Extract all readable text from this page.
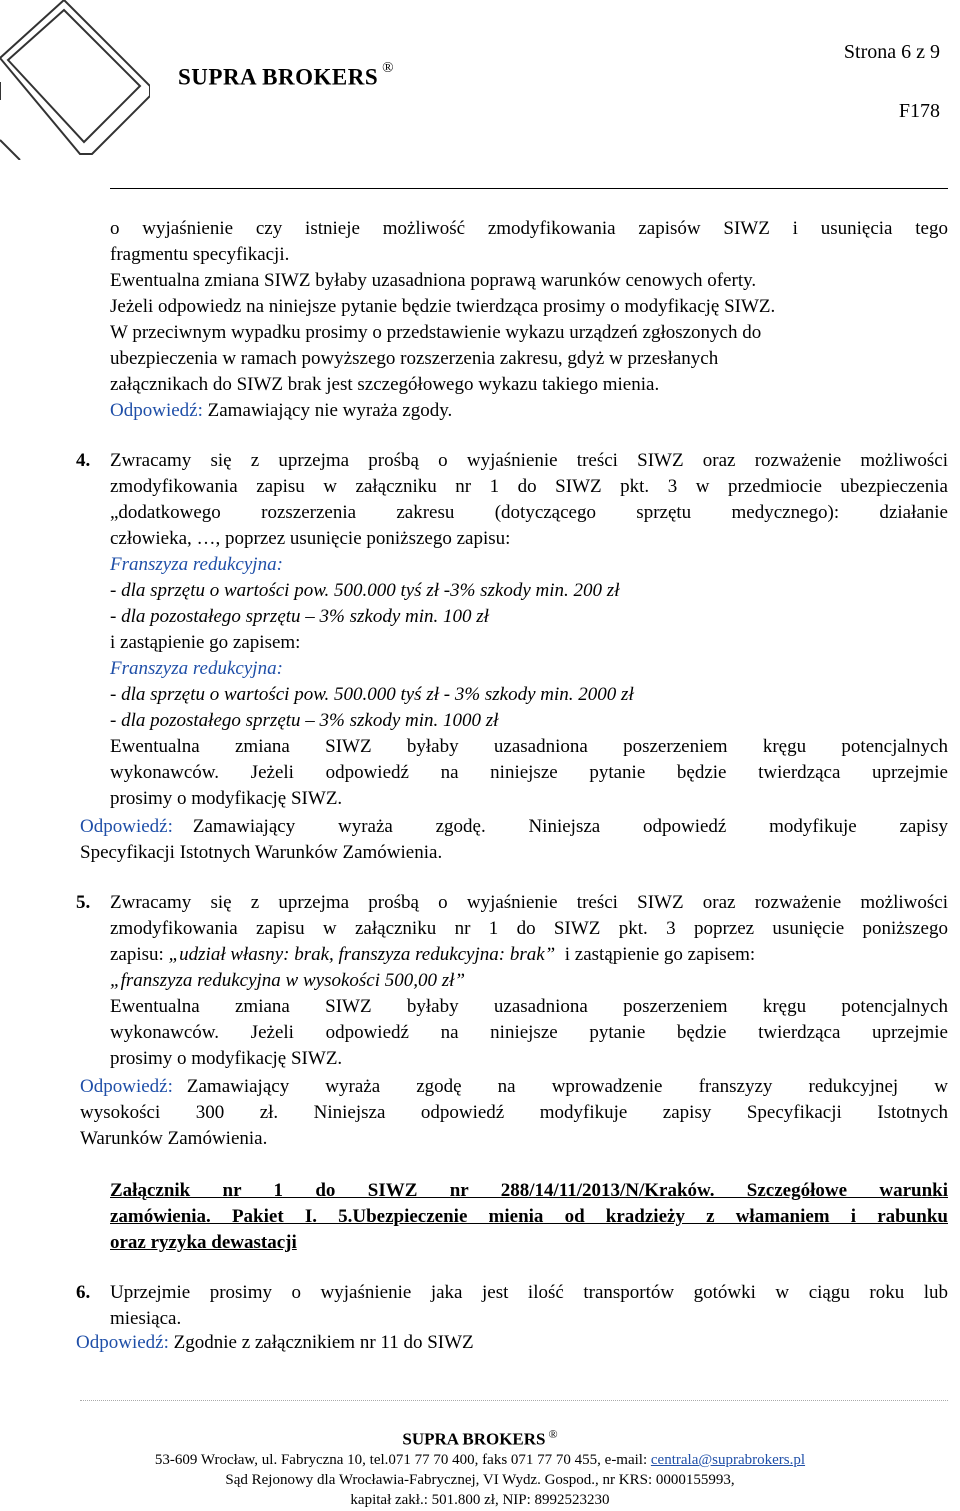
Strona 6 z 9
SUPRA BROKERS ®
F178
o wyjaśnienie czy istnieje możliwość zmodyfikowania zapisów SIWZ i usunięcia tego
fragmentu specyfikacji.
Ewentualna zmiana SIWZ byłaby uzasadniona poprawą warunków cenowych oferty.
Jeżeli odpowiedz na niniejsze pytanie będzie twierdząca prosimy o modyfikację SIWZ.
W przeciwnym wypadku prosimy o przedstawienie wykazu urządzeń zgłoszonych do
ubezpieczenia w ramach powyższego rozszerzenia zakresu, gdyż w przesłanych
załącznikach do SIWZ brak jest szczegółowego wykazu takiego mienia.
Odpowiedź: Zamawiający nie wyraża zgody.
4. Zwracamy się z uprzejma prośbą o wyjaśnienie treści SIWZ oraz rozważenie możliwości
zmodyfikowania zapisu w załączniku nr 1 do SIWZ pkt. 3 w przedmiocie ubezpieczenia
„dodatkowego rozszerzenia zakresu (dotyczącego sprzętu medycznego): działanie
człowieka, …, poprzez usunięcie poniższego zapisu:
Franszyza redukcyjna:
- dla sprzętu o wartości pow. 500.000 tyś zł -3% szkody min. 200 zł
- dla pozostałego sprzętu – 3% szkody min. 100 zł
i zastąpienie go zapisem:
Franszyza redukcyjna:
- dla sprzętu o wartości pow. 500.000 tyś zł - 3% szkody min. 2000 zł
- dla pozostałego sprzętu – 3% szkody min. 1000 zł
Ewentualna zmiana SIWZ byłaby uzasadniona poszerzeniem kręgu potencjalnych
wykonawców. Jeżeli odpowiedź na niniejsze pytanie będzie twierdząca uprzejmie
prosimy o modyfikację SIWZ.
Odpowiedź: Zamawiający wyraża zgodę. Niniejsza odpowiedź modyfikuje zapisy
Specyfikacji Istotnych Warunków Zamówienia.
5. Zwracamy się z uprzejma prośbą o wyjaśnienie treści SIWZ oraz rozważenie możliwości
zmodyfikowania zapisu w załączniku nr 1 do SIWZ pkt. 3 poprzez usunięcie poniższego
zapisu: „udział własny: brak, franszyza redukcyjna: brak” i zastąpienie go zapisem:
„franszyza redukcyjna w wysokości 500,00 zł”
Ewentualna zmiana SIWZ byłaby uzasadniona poszerzeniem kręgu potencjalnych
wykonawców. Jeżeli odpowiedź na niniejsze pytanie będzie twierdząca uprzejmie
prosimy o modyfikację SIWZ.
Odpowiedź: Zamawiający wyraża zgodę na wprowadzenie franszyzy redukcyjnej w
wysokości 300 zł. Niniejsza odpowiedź modyfikuje zapisy Specyfikacji Istotnych
Warunków Zamówienia.
Załącznik nr 1 do SIWZ nr 288/14/11/2013/N/Kraków. Szczegółowe warunki
zamówienia. Pakiet I. 5.Ubezpieczenie mienia od kradzieży z włamaniem i rabunku
oraz ryzyka dewastacji
6. Uprzejmie prosimy o wyjaśnienie jaka jest ilość transportów gotówki w ciągu roku lub
miesiąca.
Odpowiedź: Zgodnie z załącznikiem nr 11 do SIWZ
SUPRA BROKERS ®
53-609 Wrocław, ul. Fabryczna 10, tel.071 77 70 400, faks 071 77 70 455, e-mail: centrala@suprabrokers.pl
Sąd Rejonowy dla Wrocławia-Fabrycznej, VI Wydz. Gospod., nr KRS: 0000155993,
kapitał zakł.: 501.800 zł, NIP: 8992523230
